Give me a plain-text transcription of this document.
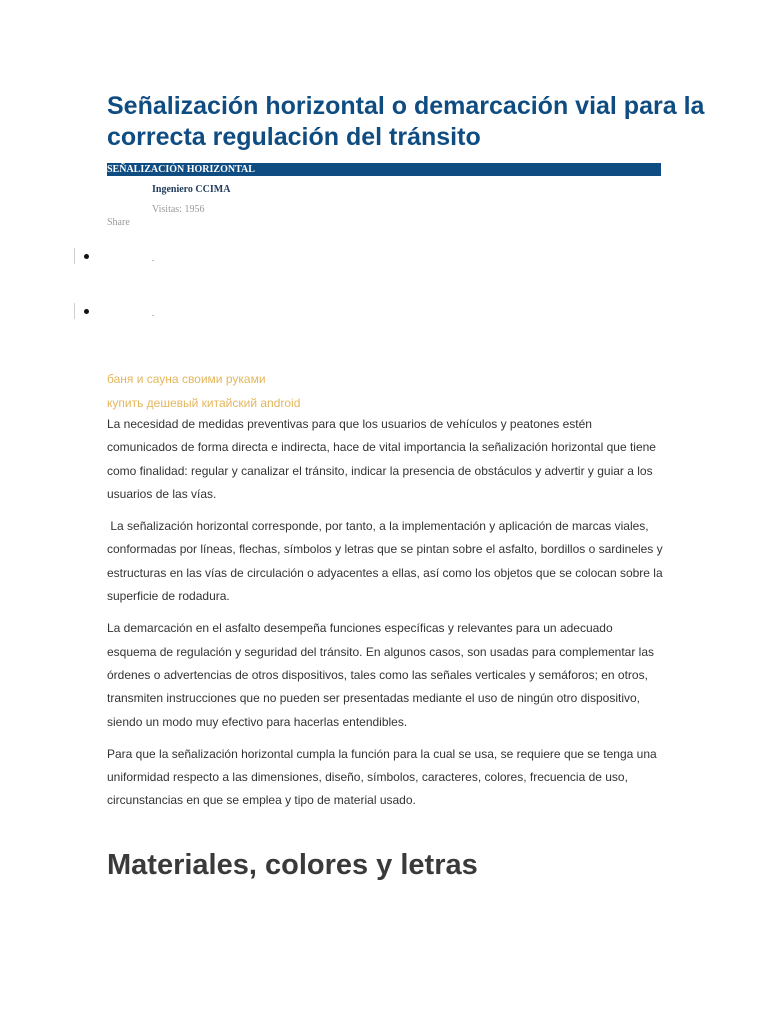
Señalización horizontal o demarcación vial para la correcta regulación del tránsito
SEÑALIZACIÓN HORIZONTAL
Ingeniero CCIMA
Visitas: 1956
Share
баня и сауна своими руками
купить дешевый китайский android

La necesidad de medidas preventivas para que los usuarios de vehículos y peatones estén comunicados de forma directa e indirecta, hace de vital importancia la señalización horizontal que tiene como finalidad: regular y canalizar el tránsito, indicar la presencia de obstáculos y advertir y guiar a los usuarios de las vías.

La señalización horizontal corresponde, por tanto, a la implementación y aplicación de marcas viales, conformadas por líneas, flechas, símbolos y letras que se pintan sobre el asfalto, bordillos o sardineles y estructuras en las vías de circulación o adyacentes a ellas, así como los objetos que se colocan sobre la superficie de rodadura.

La demarcación en el asfalto desempeña funciones específicas y relevantes para un adecuado esquema de regulación y seguridad del tránsito. En algunos casos, son usadas para complementar las órdenes o advertencias de otros dispositivos, tales como las señales verticales y semáforos; en otros, transmiten instrucciones que no pueden ser presentadas mediante el uso de ningún otro dispositivo, siendo un modo muy efectivo para hacerlas entendibles.

Para que la señalización horizontal cumpla la función para la cual se usa, se requiere que se tenga una uniformidad respecto a las dimensiones, diseño, símbolos, caracteres, colores, frecuencia de uso, circunstancias en que se emplea y tipo de material usado.

Materiales, colores y letras
